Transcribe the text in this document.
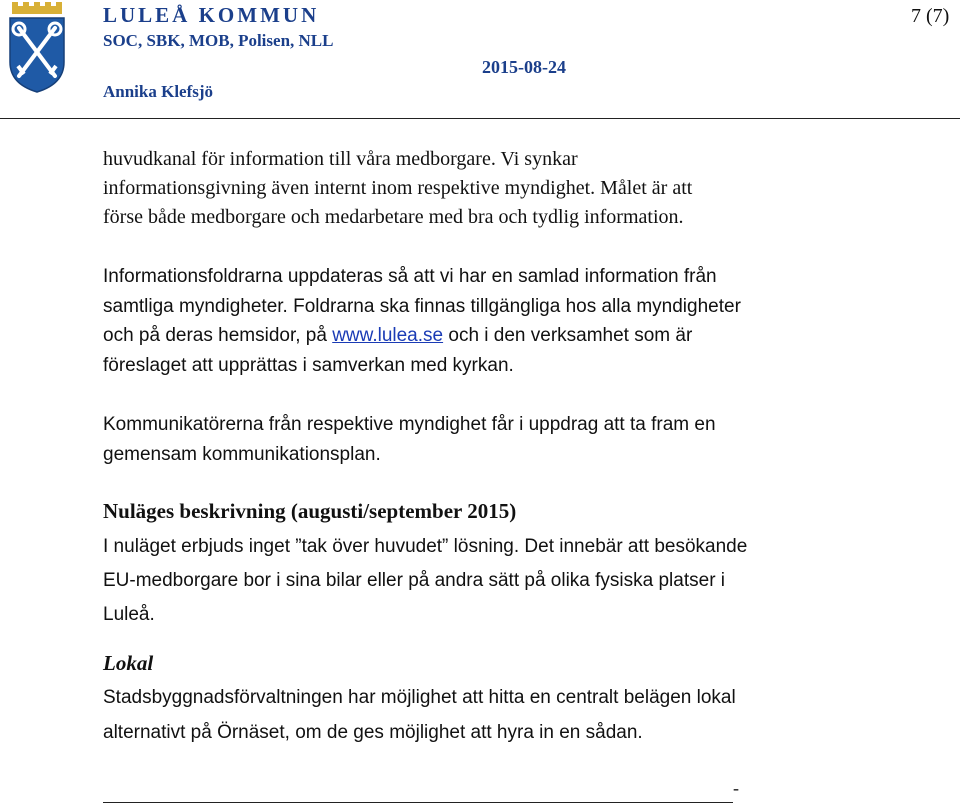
LULEÅ KOMMUN
SOC, SBK, MOB, Polisen, NLL
Annika Klefsjö
2015-08-24
7 (7)
huvudkanal för information till våra medborgare. Vi synkar
informationsgivning även internt inom respektive myndighet. Målet är att
förse både medborgare och medarbetare med bra och tydlig information.
Informationsfoldrarna uppdateras så att vi har en samlad information från
samtliga myndigheter. Foldrarna ska finnas tillgängliga hos alla myndigheter
och på deras hemsidor, på www.lulea.se och i den verksamhet som är
föreslaget att upprättas i samverkan med kyrkan.
Kommunikatörerna från respektive myndighet får i uppdrag att ta fram en
gemensam kommunikationsplan.
Nuläges beskrivning (augusti/september 2015)
I nuläget erbjuds inget ”tak över huvudet” lösning. Det innebär att besökande
EU-medborgare bor i sina bilar eller på andra sätt på olika fysiska platser i
Luleå.
Lokal
Stadsbyggnadsförvaltningen har möjlighet att hitta en centralt belägen lokal
alternativt på Örnäset, om de ges möjlighet att hyra in en sådan.
-
